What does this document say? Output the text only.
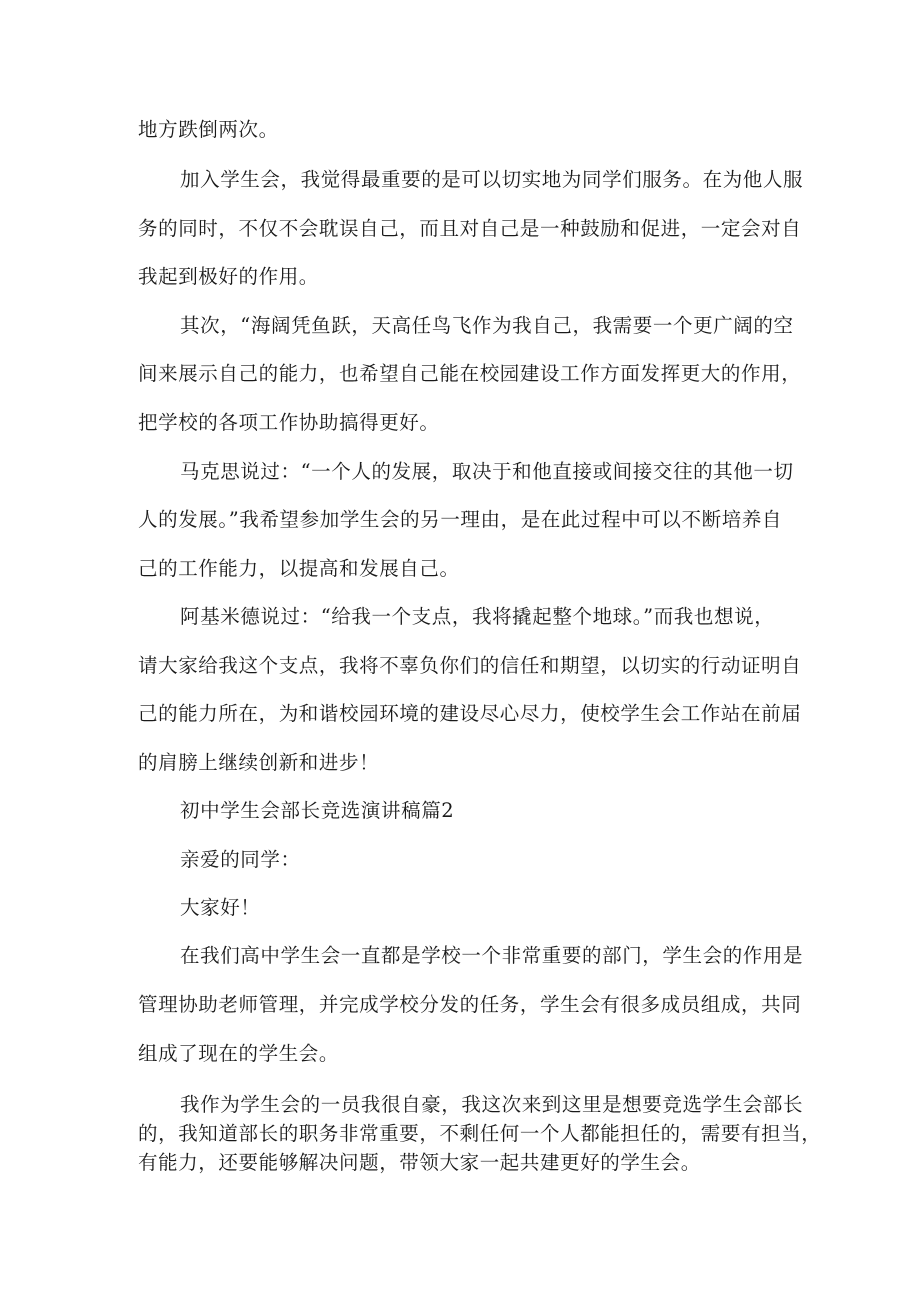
地方跌倒两次。
加入学生会，我觉得最重要的是可以切实地为同学们服务。在为他人服
务的同时，不仅不会耽误自己，而且对自己是一种鼓励和促进，一定会对自
我起到极好的作用。
其次，“海阔凭鱼跃，天高任鸟飞作为我自己，我需要一个更广阔的空
间来展示自己的能力，也希望自己能在校园建设工作方面发挥更大的作用，
把学校的各项工作协助搞得更好。
马克思说过：“一个人的发展，取决于和他直接或间接交往的其他一切
人的发展。”我希望参加学生会的另一理由，是在此过程中可以不断培养自
己的工作能力，以提高和发展自己。
阿基米德说过：“给我一个支点，我将撬起整个地球。”而我也想说，
请大家给我这个支点，我将不辜负你们的信任和期望，以切实的行动证明自
己的能力所在，为和谐校园环境的建设尽心尽力，使校学生会工作站在前届
的肩膀上继续创新和进步！
初中学生会部长竞选演讲稿篇2
亲爱的同学：
大家好！
在我们高中学生会一直都是学校一个非常重要的部门，学生会的作用是
管理协助老师管理，并完成学校分发的任务，学生会有很多成员组成，共同
组成了现在的学生会。
我作为学生会的一员我很自豪，我这次来到这里是想要竞选学生会部长
的，我知道部长的职务非常重要，不剩任何一个人都能担任的，需要有担当，
有能力，还要能够解决问题，带领大家一起共建更好的学生会。
